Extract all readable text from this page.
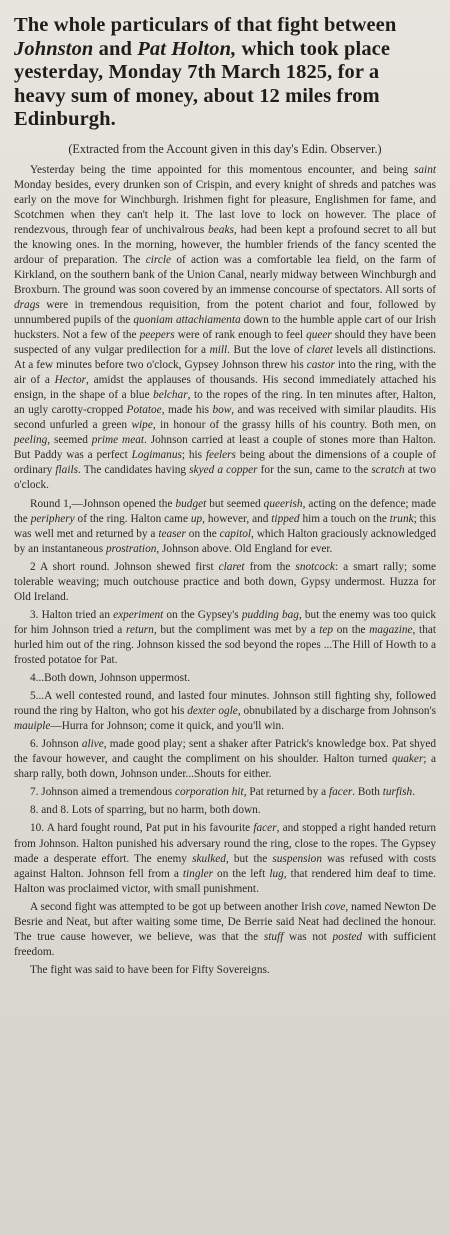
The whole particulars of that fight between Johnston and Pat Holton, which took place yesterday, Monday 7th March 1825, for a heavy sum of money, about 12 miles from Edinburgh.
(Extracted from the Account given in this day's Edin. Observer.)

Yesterday being the time appointed for this momentous encounter, and being saint Monday besides, every drunken son of Crispin, and every knight of shreds and patches was early on the move for Winchburgh. Irishmen fight for pleasure, Englishmen for fame, and Scotchmen when they can't help it. The last love to lock on however. The place of rendezvous, through fear of unchivalrous beaks, had been kept a profound secret to all but the knowing ones. In the morning, however, the humbler friends of the fancy scented the ardour of preparation. The circle of action was a comfortable lea field, on the farm of Kirkland, on the southern bank of the Union Canal, nearly midway between Winchburgh and Broxburn. The ground was soon covered by an immense concourse of spectators. All sorts of drags were in tremendous requisition, from the potent chariot and four, followed by unnumbered pupils of the quoniam attachiamenta down to the humble apple cart of our Irish hucksters. Not a few of the peepers were of rank enough to feel queer should they have been suspected of any vulgar predilection for a mill. But the love of claret levels all distinctions. At a few minutes before two o'clock, Gypsey Johnson threw his castor into the ring, with the air of a Hector, amidst the applauses of thousands. His second immediately attached his ensign, in the shape of a blue belchar, to the ropes of the ring. In ten minutes after, Halton, an ugly carotty-cropped Potatoe, made his bow, and was received with similar plaudits. His second unfurled a green wipe, in honour of the grassy hills of his country. Both men, on peeling, seemed prime meat. Johnson carried at least a couple of stones more than Halton. But Paddy was a perfect Logimanus; his feelers being about the dimensions of a couple of ordinary flails. The candidates having skyed a copper for the sun, came to the scratch at two o'clock.

Round 1,—Johnson opened the budget but seemed queerish, acting on the defence; made the periphery of the ring. Halton came up, however, and tipped him a touch on the trunk; this was well met and returned by a teaser on the capitol, which Halton graciously acknowledged by an instantaneous prostration, Johnson above. Old England for ever.

2 A short round. Johnson shewed first claret from the snotcock: a smart rally; some tolerable weaving; much outchouse practice and both down, Gypsy undermost. Huzza for Old Ireland.

3. Halton tried an experiment on the Gypsey's pudding bag, but the enemy was too quick for him Johnson tried a return, but the compliment was met by a tep on the magazine, that hurled him out of the ring. Johnson kissed the sod beyond the ropes ...The Hill of Howth to a frosted potatoe for Pat.

4...Both down, Johnson uppermost.

5...A well contested round, and lasted four minutes. Johnson still fighting shy, followed round the ring by Halton, who got his dexter ogle, obnubilated by a discharge from Johnson's mauiple—Hurra for Johnson; come it quick, and you'll win.

6. Johnson alive, made good play; sent a shaker after Patrick's knowledge box. Pat shyed the favour however, and caught the compliment on his shoulder. Halton turned quaker; a sharp rally, both down, Johnson under...Shouts for either.

7. Johnson aimed a tremendous corporation hit, Pat returned by a facer. Both turfish.

8. and 8. Lots of sparring, but no harm, both down.

10. A hard fought round, Pat put in his favourite facer, and stopped a right handed return from Johnson. Halton punished his adversary round the ring, close to the ropes. The Gypsey made a desperate effort. The enemy skulked, but the suspension was refused with costs against Halton. Johnson fell from a tingler on the left lug, that rendered him deaf to time. Halton was proclaimed victor, with small punishment.

A second fight was attempted to be got up between another Irish cove, named Newton De Besrie and Neat, but after waiting some time, De Berrie said Neat had declined the honour. The true cause however, we believe, was that the stuff was not posted with sufficient freedom.

The fight was said to have been for Fifty Sovereigns.
